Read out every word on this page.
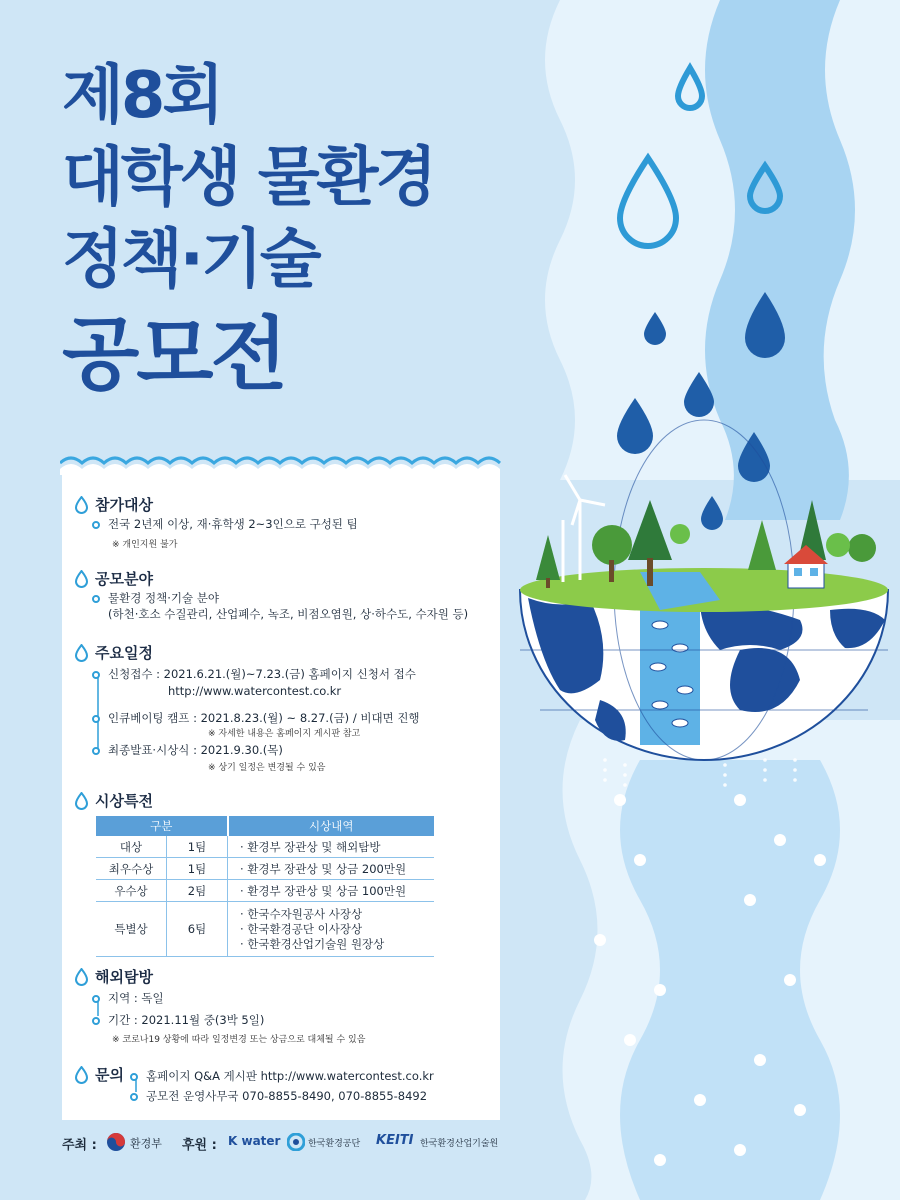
제8회
대학생 물환경
정책·기술
공모전
참가대상
전국 2년제 이상, 재·휴학생 2~3인으로 구성된 팀
※ 개인지원 불가
공모분야
물환경 정책·기술 분야
(하천·호소 수질관리, 산업폐수, 녹조, 비점오염원, 상·하수도, 수자원 등)
주요일정
신청접수 : 2021.6.21.(월)~7.23.(금) 홈페이지 신청서 접수
http://www.watercontest.co.kr
인큐베이팅 캠프 : 2021.8.23.(월) ~ 8.27.(금) / 비대면 진행
※ 자세한 내용은 홈페이지 게시판 참고
최종발표·시상식 : 2021.9.30.(목)
※ 상기 일정은 변경될 수 있음
시상특전
구분		시상내역
대상	1팀	· 환경부 장관상 및 해외탐방
최우수상	1팀	· 환경부 장관상 및 상금 200만원
우수상	2팀	· 환경부 장관상 및 상금 100만원
특별상	6팀	· 한국수자원공사 사장상
· 한국환경공단 이사장상
· 한국환경산업기술원 원장상
해외탐방
지역 : 독일
기간 : 2021.11월 중(3박 5일)
※ 코로나19 상황에 따라 일정변경 또는 상금으로 대체될 수 있음
문의	홈페이지 Q&A 게시판 http://www.watercontest.co.kr
공모전 운영사무국 070-8855-8490, 070-8855-8492
주최 :	환경부 후원 : K water	한국환경공단 KEITI 한국환경산업기술원
